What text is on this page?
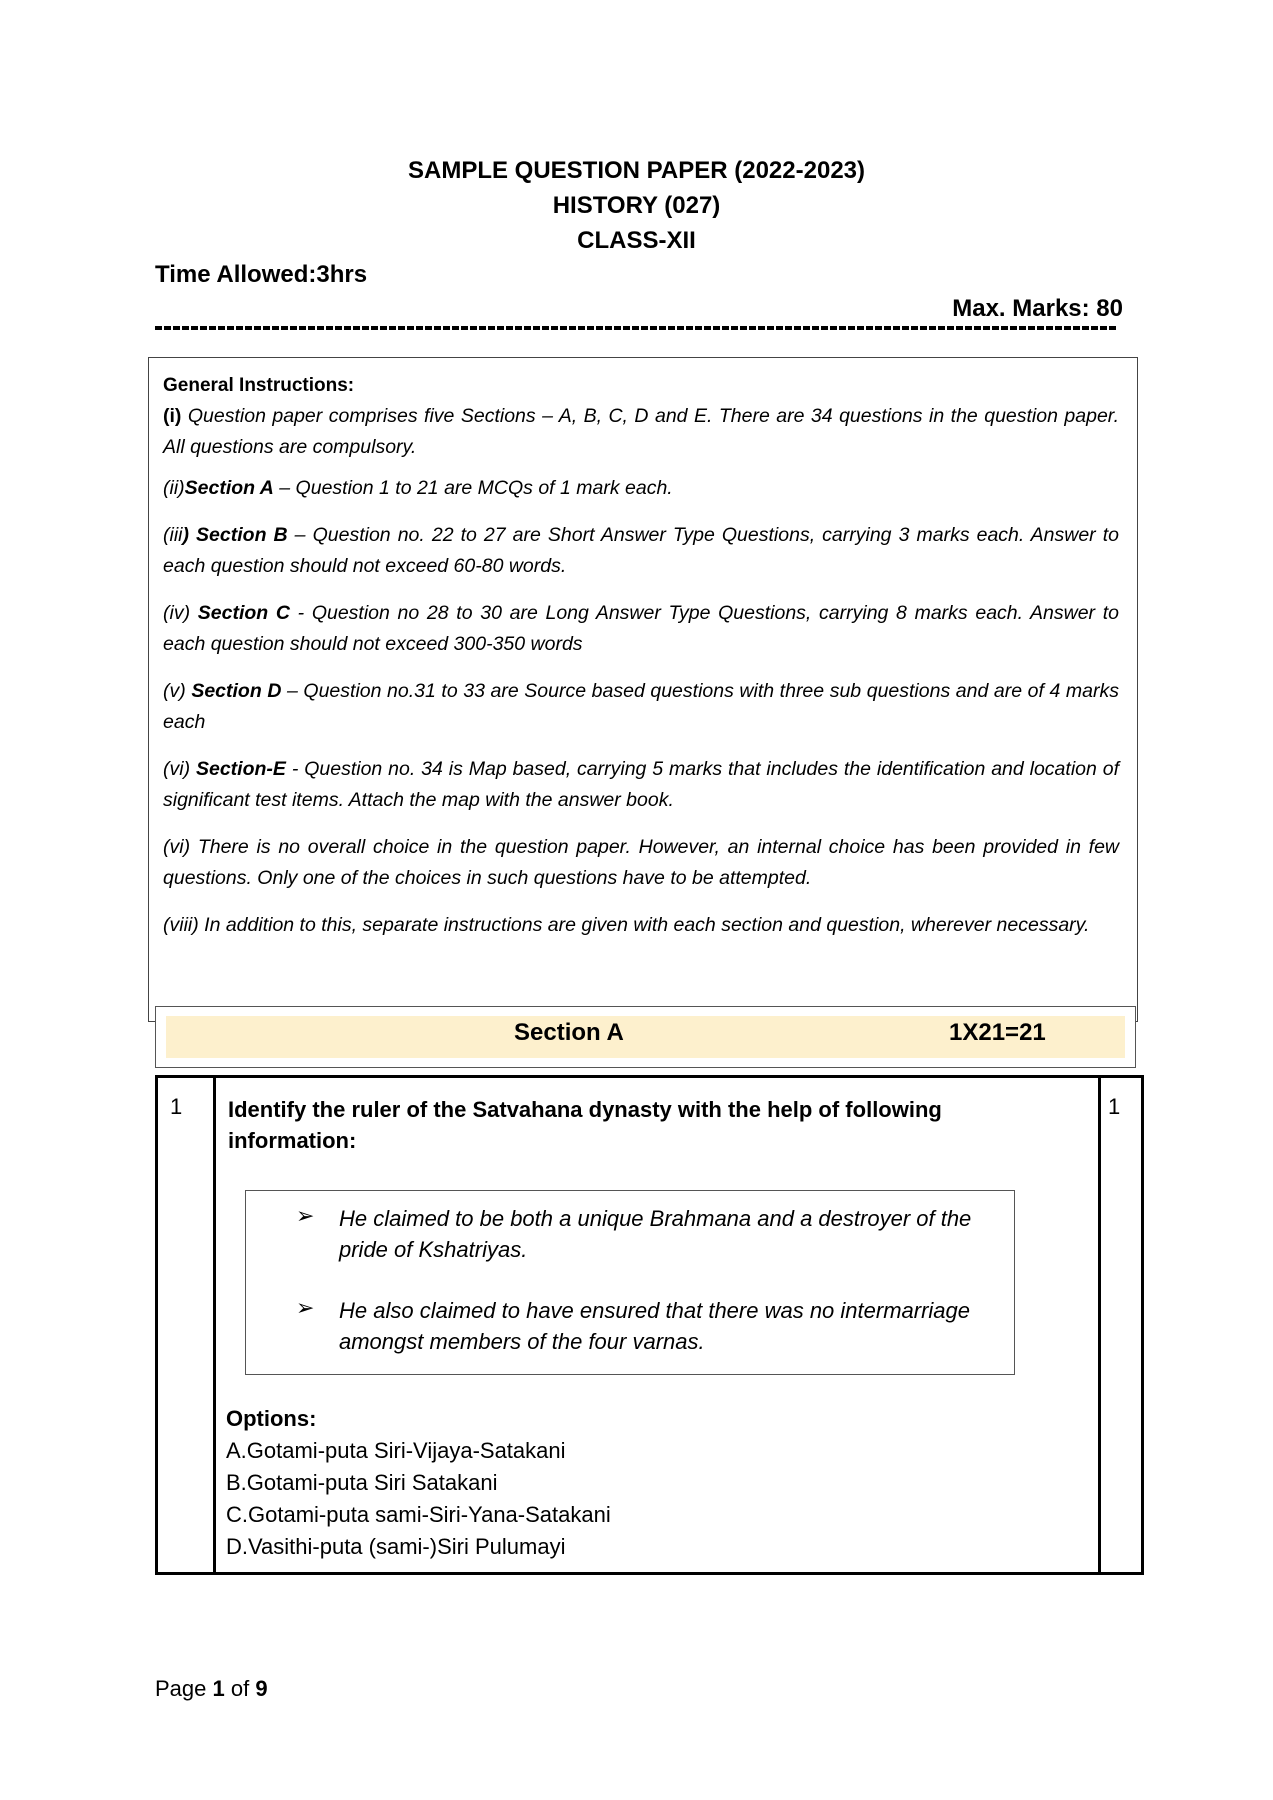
SAMPLE QUESTION PAPER (2022-2023)
HISTORY (027)
CLASS-XII
Time Allowed:3hrs
Max. Marks: 80
General Instructions:

(i) Question paper comprises five Sections – A, B, C, D and E. There are 34 questions in the question paper. All questions are compulsory.

(ii)Section A – Question 1 to 21 are MCQs of 1 mark each.

(iii) Section B – Question no. 22 to 27 are Short Answer Type Questions, carrying 3 marks each. Answer to each question should not exceed 60-80 words.

(iv) Section C - Question no 28 to 30 are Long Answer Type Questions, carrying 8 marks each. Answer to each question should not exceed 300-350 words

(v) Section D – Question no.31 to 33 are Source based questions with three sub questions and are of 4 marks each

(vi) Section-E - Question no. 34 is Map based, carrying 5 marks that includes the identification and location of significant test items. Attach the map with the answer book.

(vi) There is no overall choice in the question paper. However, an internal choice has been provided in few questions. Only one of the choices in such questions have to be attempted.

(viii) In addition to this, separate instructions are given with each section and question, wherever necessary.

Section A	1X21=21
1 Identify the ruler of the Satvahana dynasty with the help of following information:
1
➢ He claimed to be both a unique Brahmana and a destroyer of the pride of Kshatriyas.
➢ He also claimed to have ensured that there was no intermarriage amongst members of the four varnas.
Options:
A.Gotami-puta Siri-Vijaya-Satakani
B.Gotami-puta Siri Satakani
C.Gotami-puta sami-Siri-Yana-Satakani
D.Vasithi-puta (sami-)Siri Pulumayi
Page 1 of 9
